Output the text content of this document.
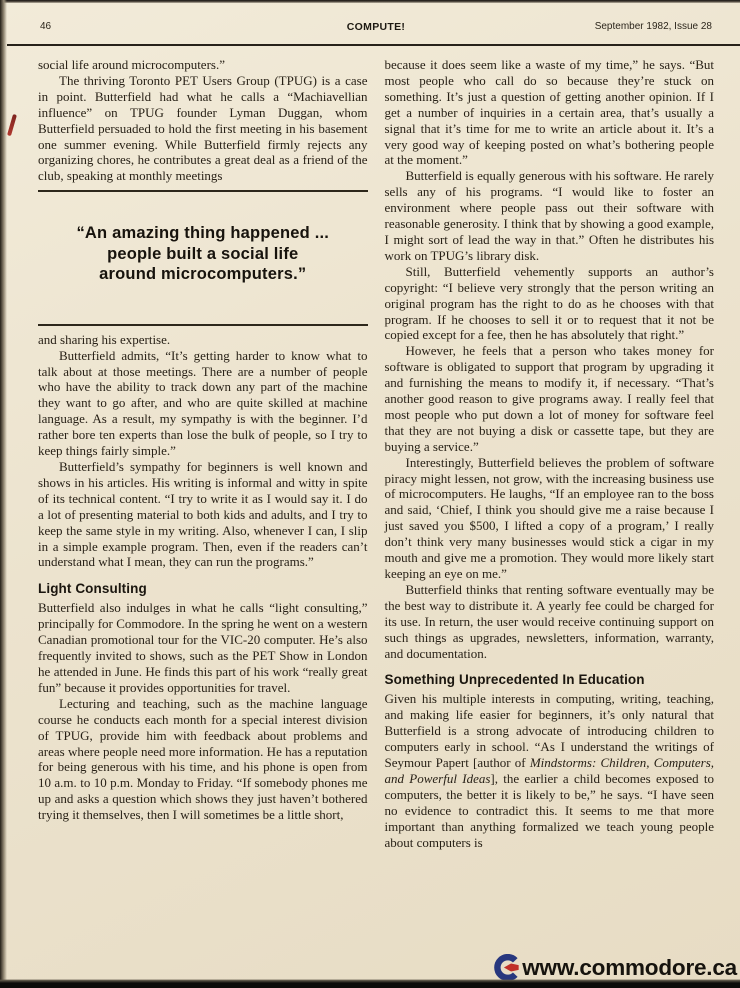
46	COMPUTE!	September 1982, Issue 28

social life around microcomputers.”

The thriving Toronto PET Users Group (TPUG) is a case in point. Butterfield had what he calls a “Machiavellian influence” on TPUG founder Lyman Duggan, whom Butterfield persuaded to hold the first meeting in his basement one summer evening. While Butterfield firmly rejects any organizing chores, he contributes a great deal as a friend of the club, speaking at monthly meetings

“An amazing thing happened ...
people built a social life
around microcomputers.”

and sharing his expertise.

Butterfield admits, “It’s getting harder to know what to talk about at those meetings. There are a number of people who have the ability to track down any part of the machine they want to go after, and who are quite skilled at machine language. As a result, my sympathy is with the beginner. I’d rather bore ten experts than lose the bulk of people, so I try to keep things fairly simple.”

Butterfield’s sympathy for beginners is well known and shows in his articles. His writing is informal and witty in spite of its technical content. “I try to write it as I would say it. I do a lot of presenting material to both kids and adults, and I try to keep the same style in my writing. Also, whenever I can, I slip in a simple example program. Then, even if the readers can’t understand what I mean, they can run the programs.”

Light Consulting

Butterfield also indulges in what he calls “light consulting,” principally for Commodore. In the spring he went on a western Canadian promotional tour for the VIC-20 computer. He’s also frequently invited to shows, such as the PET Show in London he attended in June. He finds this part of his work “really great fun” because it provides opportunities for travel.

Lecturing and teaching, such as the machine language course he conducts each month for a special interest division of TPUG, provide him with feedback about problems and areas where people need more information. He has a reputation for being generous with his time, and his phone is open from 10 a.m. to 10 p.m. Monday to Friday. “If somebody phones me up and asks a question which shows they just haven’t bothered trying it themselves, then I will sometimes be a little short,

because it does seem like a waste of my time,” he says. “But most people who call do so because they’re stuck on something. It’s just a question of getting another opinion. If I get a number of inquiries in a certain area, that’s usually a signal that it’s time for me to write an article about it. It’s a very good way of keeping posted on what’s bothering people at the moment.”

Butterfield is equally generous with his software. He rarely sells any of his programs. “I would like to foster an environment where people pass out their software with reasonable generosity. I think that by showing a good example, I might sort of lead the way in that.” Often he distributes his work on TPUG’s library disk.

Still, Butterfield vehemently supports an author’s copyright: “I believe very strongly that the person writing an original program has the right to do as he chooses with that program. If he chooses to sell it or to request that it not be copied except for a fee, then he has absolutely that right.”

However, he feels that a person who takes money for software is obligated to support that program by upgrading it and furnishing the means to modify it, if necessary. “That’s another good reason to give programs away. I really feel that most people who put down a lot of money for software feel that they are not buying a disk or cassette tape, but they are buying a service.”

Interestingly, Butterfield believes the problem of software piracy might lessen, not grow, with the increasing business use of microcomputers. He laughs, “If an employee ran to the boss and said, ‘Chief, I think you should give me a raise because I just saved you $500, I lifted a copy of a program,’ I really don’t think very many businesses would stick a cigar in my mouth and give me a promotion. They would more likely start keeping an eye on me.”

Butterfield thinks that renting software eventually may be the best way to distribute it. A yearly fee could be charged for its use. In return, the user would receive continuing support on such things as upgrades, newsletters, information, warranty, and documentation.

Something Unprecedented In Education

Given his multiple interests in computing, writing, teaching, and making life easier for beginners, it’s only natural that Butterfield is a strong advocate of introducing children to computers early in school. “As I understand the writings of Seymour Papert [author of Mindstorms: Children, Computers, and Powerful Ideas], the earlier a child becomes exposed to computers, the better it is likely to be,” he says. “I have seen no evidence to contradict this. It seems to me that more important than anything formalized we teach young people about computers is

www.commodore.ca
